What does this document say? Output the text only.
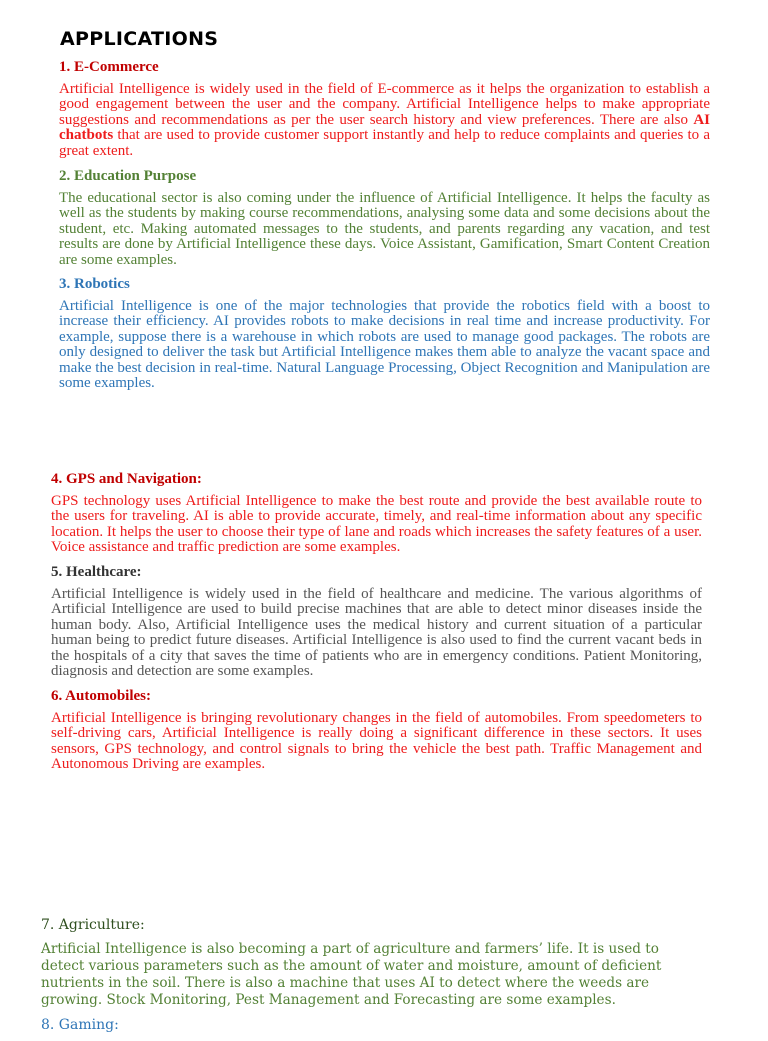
APPLICATIONS
1. E-Commerce

Artificial Intelligence is widely used in the field of E-commerce as it helps the organization to establish a good engagement between the user and the company. Artificial Intelligence helps to make appropriate suggestions and recommendations as per the user search history and view preferences. There are also AI chatbots that are used to provide customer support instantly and help to reduce complaints and queries to a great extent.

2. Education Purpose

The educational sector is also coming under the influence of Artificial Intelligence. It helps the faculty as well as the students by making course recommendations, analysing some data and some decisions about the student, etc. Making automated messages to the students, and parents regarding any vacation, and test results are done by Artificial Intelligence these days. Voice Assistant, Gamification, Smart Content Creation are some examples.

3. Robotics

Artificial Intelligence is one of the major technologies that provide the robotics field with a boost to increase their efficiency. AI provides robots to make decisions in real time and increase productivity. For example, suppose there is a warehouse in which robots are used to manage good packages. The robots are only designed to deliver the task but Artificial Intelligence makes them able to analyze the vacant space and make the best decision in real-time. Natural Language Processing, Object Recognition and Manipulation are some examples.

4. GPS and Navigation:

GPS technology uses Artificial Intelligence to make the best route and provide the best available route to the users for traveling. AI is able to provide accurate, timely, and real-time information about any specific location. It helps the user to choose their type of lane and roads which increases the safety features of a user. Voice assistance and traffic prediction are some examples.

5. Healthcare:

Artificial Intelligence is widely used in the field of healthcare and medicine. The various algorithms of Artificial Intelligence are used to build precise machines that are able to detect minor diseases inside the human body. Also, Artificial Intelligence uses the medical history and current situation of a particular human being to predict future diseases. Artificial Intelligence is also used to find the current vacant beds in the hospitals of a city that saves the time of patients who are in emergency conditions. Patient Monitoring, diagnosis and detection are some examples.

6. Automobiles:

Artificial Intelligence is bringing revolutionary changes in the field of automobiles. From speedometers to self-driving cars, Artificial Intelligence is really doing a significant difference in these sectors. It uses sensors, GPS technology, and control signals to bring the vehicle the best path. Traffic Management and Autonomous Driving are examples.

7. Agriculture:

Artificial Intelligence is also becoming a part of agriculture and farmers’ life. It is used to detect various parameters such as the amount of water and moisture, amount of deficient nutrients in the soil. There is also a machine that uses AI to detect where the weeds are growing. Stock Monitoring, Pest Management and Forecasting are some examples.

8. Gaming:
